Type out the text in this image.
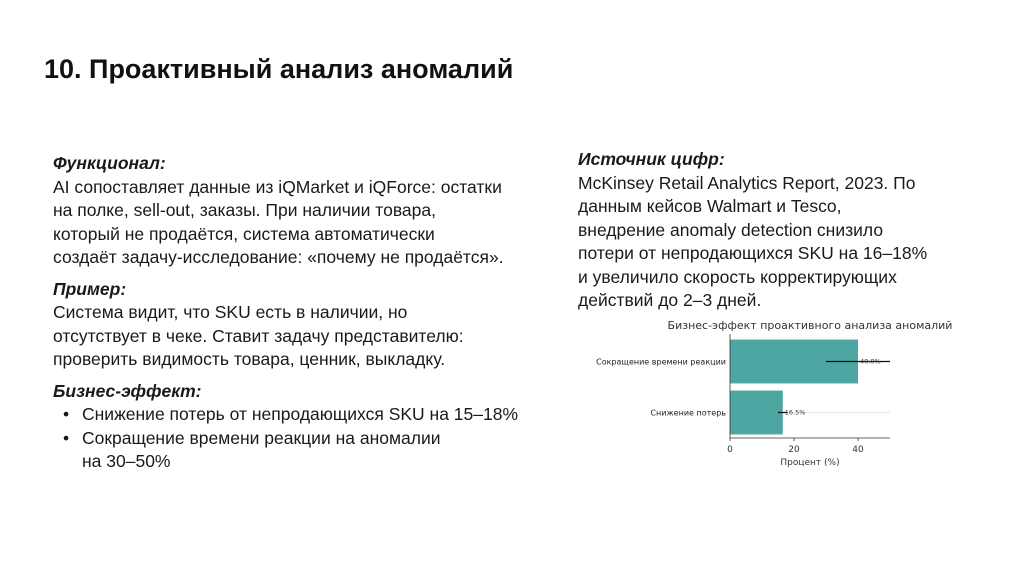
10. Проактивный анализ аномалий
Функционал:
AI сопоставляет данные из iQMarket и iQForce: остатки
на полке, sell-out, заказы. При наличии товара,
который не продаётся, система автоматически
создаёт задачу-исследование: «почему не продаётся».
Пример:
Система видит, что SKU есть в наличии, но
отсутствует в чеке. Ставит задачу представителю:
проверить видимость товара, ценник, выкладку.
Бизнес-эффект:
• Снижение потерь от непродающихся SKU на 15–18%
• Сокращение времени реакции на аномалии
на 30–50%
Источник цифр:
McKinsey Retail Analytics Report, 2023. По
данным кейсов Walmart и Tesco,
внедрение anomaly detection снизило
потери от непродающихся SKU на 16–18%
и увеличило скорость корректирующих
действий до 2–3 дней.
Бизнес-эффект проактивного анализа аномалий
40.0%
16.5%
Сокращение времени реакции
Снижение потерь
0	20	40
Процент (%)
